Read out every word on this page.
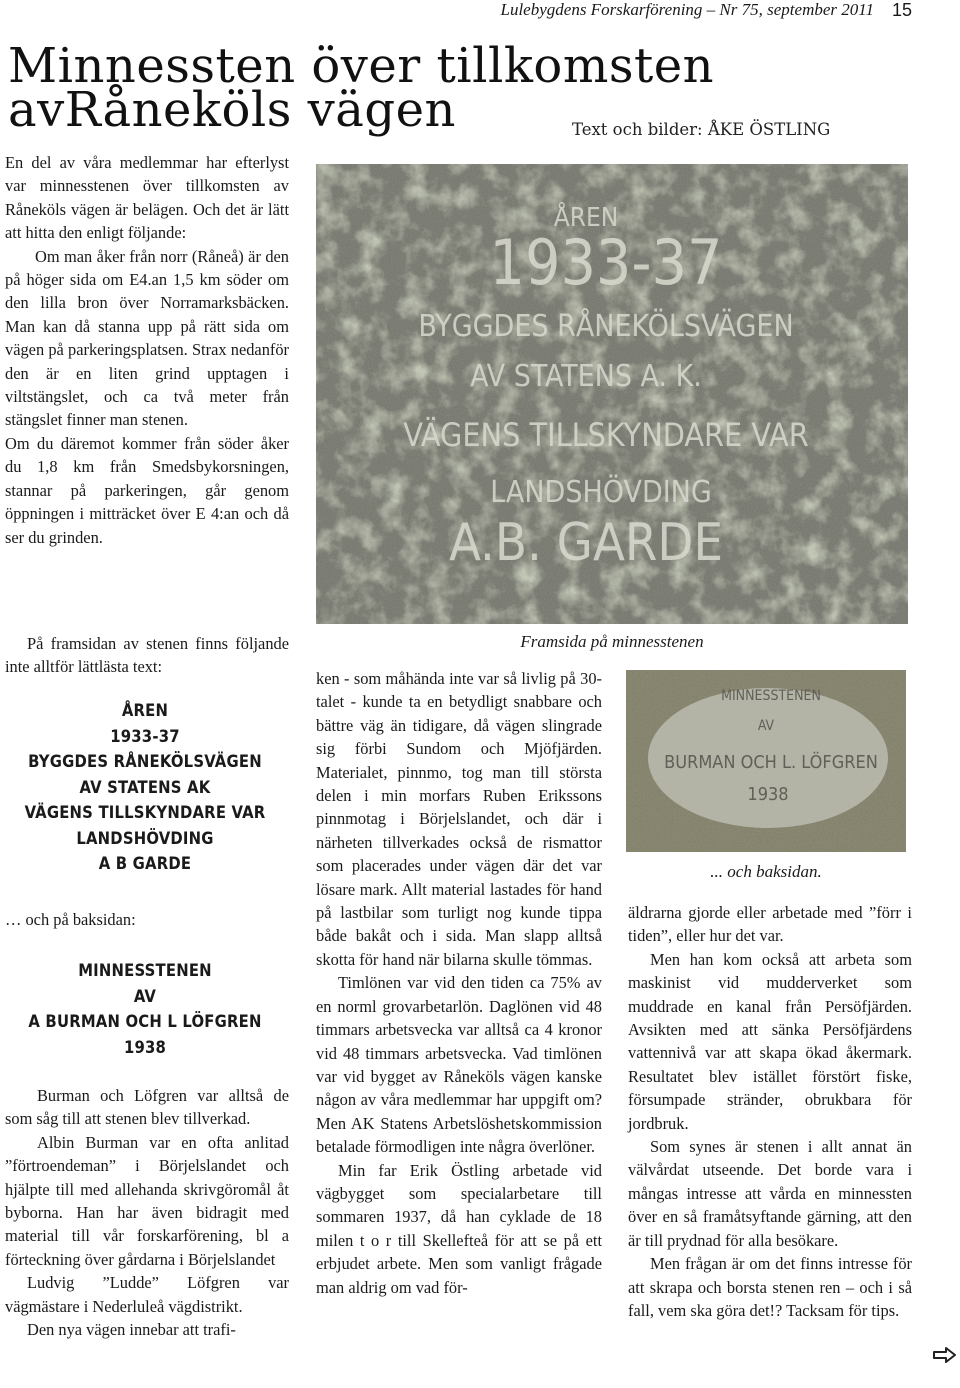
Lulebygdens Forskarförening – Nr 75, september 2011 15
Minnessten över tillkomsten
avRåneköls vägen	Text och bilder: ÅKE ÖSTLING

En del av våra medlemmar har efterlyst var minnesstenen över tillkomsten av Råneköls vägen är belägen. Och det är lätt att hitta den enligt följande:

Om man åker från norr (Råneå) är den på höger sida om E4.an 1,5 km söder om den lilla bron över Norramarksbäcken. Man kan då stanna upp på rätt sida om vägen på parkeringsplatsen. Strax nedanför den är en liten grind upptagen i viltstängslet, och ca två meter från stängslet finner man stenen.

Om du däremot kommer från söder åker du 1,8 km från Smedsbykorsningen, stannar på parkeringen, går genom öppningen i mitträcket över E 4:an och då ser du grinden.

På framsidan av stenen finns följande inte alltför lättlästa text:

ÅREN
1933-37
BYGGDES RÅNEKÖLSVÄGEN
AV STATENS AK
VÄGENS TILLSKYNDARE VAR
LANDSHÖVDING
A B GARDE
… och på baksidan:
MINNESSTENEN
AV
A BURMAN OCH L LÖFGREN
1938

Burman och Löfgren var alltså de som såg till att stenen blev tillverkad.

Albin Burman var en ofta anlitad ”förtroendeman” i Börjelslandet och hjälpte till med allehanda skrivgöromål åt byborna. Han har även bidragit med material till vår forskarförening, bl a förteckning över gårdarna i Börjelslandet

Ludvig ”Ludde” Löfgren var vägmästare i Nederluleå vägdistrikt.

Den nya vägen innebar att trafi-

ÅREN
1933-37
BYGGDES RÅNEKÖLSVÄGEN
AV STATENS A. K.
VÄGENS TILLSKYNDARE VAR
LANDSHÖVDING
A.B. GARDE
Framsida på minnesstenen

ken - som måhända inte var så livlig på 30-talet - kunde ta en betydligt snabbare och bättre väg än tidigare, då vägen slingrade sig förbi Sundom och Mjöfjärden. Materialet, pinnmo, tog man till största delen i min morfars Ruben Erikssons pinnmotag i Börjelslandet, och där i närheten tillverkades också de rismattor som placerades under vägen där det var lösare mark. Allt material lastades för hand på lastbilar som turligt nog kunde tippa både bakåt och i sida. Man slapp alltså skotta för hand när bilarna skulle tömmas.

Timlönen var vid den tiden ca 75% av en norml grovarbetarlön. Daglönen vid 48 timmars arbetsvecka var alltså ca 4 kronor vid 48 timmars arbetsvecka. Vad timlönen var vid bygget av Råneköls vägen kanske någon av våra medlemmar har uppgift om? Men AK Statens Arbetslöshetskommission betalade förmodligen inte några överlöner.

Min far Erik Östling arbetade vid vägbygget som specialarbetare till sommaren 1937, då han cyklade de 18 milen t o r till Skellefteå för att se på ett erbjudet arbete. Men som vanligt frågade man aldrig om vad för-

MINNESSTENEN
AV
BURMAN OCH L. LÖFGREN
1938
... och baksidan.

äldrarna gjorde eller arbetade med ”förr i tiden”, eller hur det var.

Men han kom också att arbeta som maskinist vid mudderverket som muddrade en kanal från Persöfjärden. Avsikten med att sänka Persöfjärdens vattennivå var att skapa ökad åkermark. Resultatet blev istället förstört fiske, försumpade stränder, obrukbara för jordbruk.

Som synes är stenen i allt annat än välvårdat utseende. Det borde vara i mångas intresse att vårda en minnessten över en så framåtsyftande gärning, att den är till prydnad för alla besökare.

Men frågan är om det finns intresse för att skrapa och borsta stenen ren – och i så fall, vem ska göra det!? Tacksam för tips.
